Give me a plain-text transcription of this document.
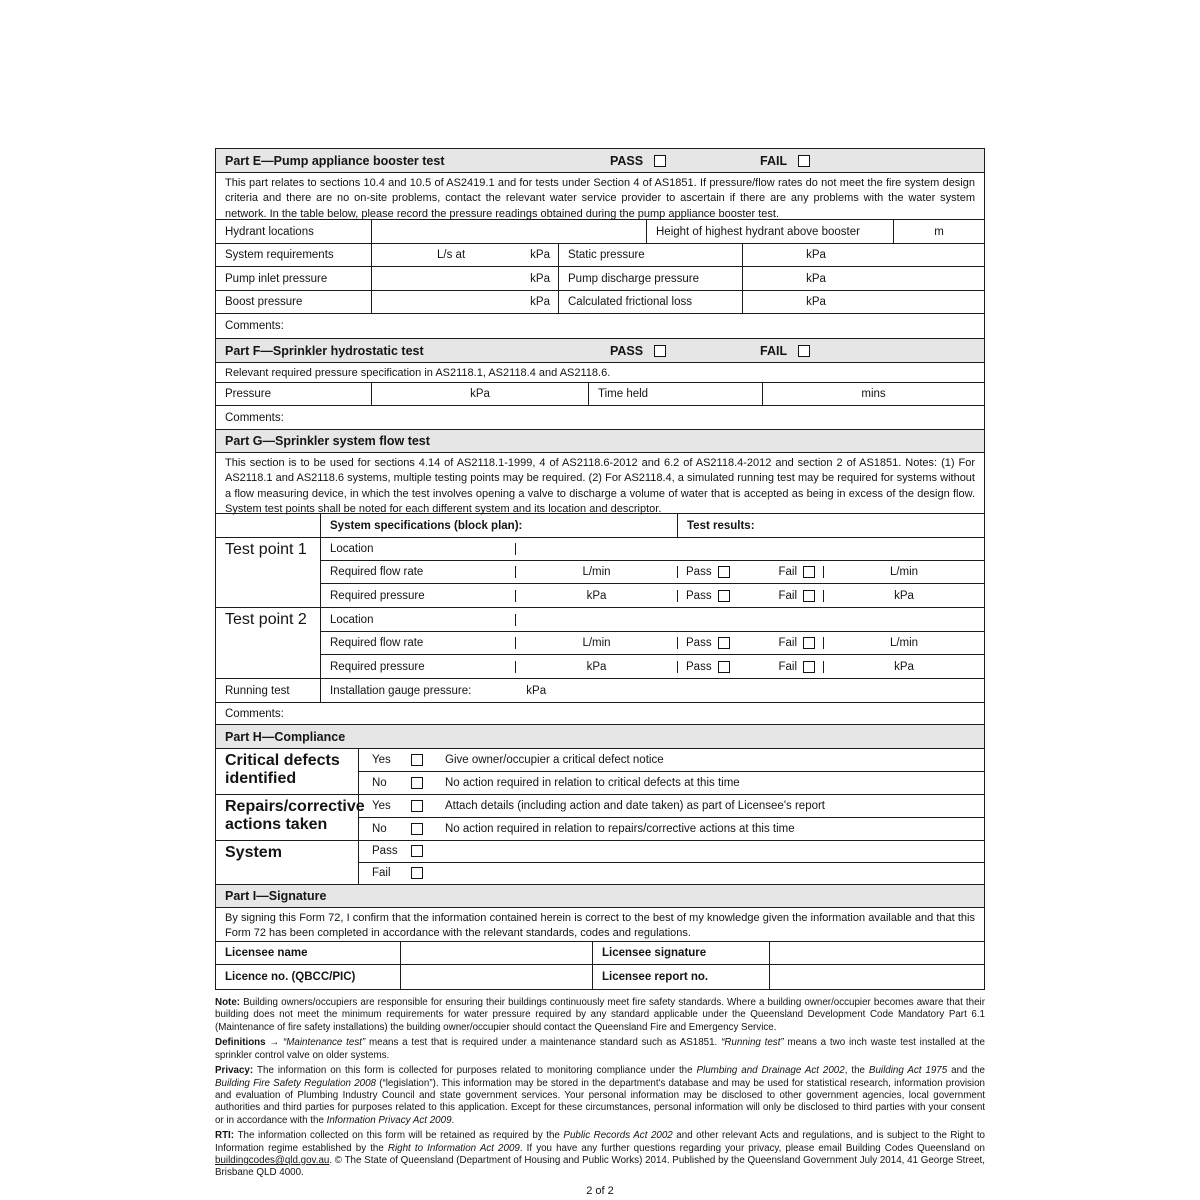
Part E—Pump appliance booster test	PASS	FAIL
This part relates to sections 10.4 and 10.5 of AS2419.1 and for tests under Section 4 of AS1851. If pressure/flow rates do not meet the fire system design criteria and there are no on-site problems, contact the relevant water service provider to ascertain if there are any problems with the water system network. In the table below, please record the pressure readings obtained during the pump appliance booster test.
Hydrant locations	Height of highest hydrant above booster	m
System requirements	L/s at	kPa	Static pressure	kPa
Pump inlet pressure	kPa	Pump discharge pressure	kPa
Boost pressure	kPa	Calculated frictional loss	kPa
Comments:
Part F—Sprinkler hydrostatic test	PASS	FAIL
Relevant required pressure specification in AS2118.1, AS2118.4 and AS2118.6.
Pressure	kPa	Time held	mins
Comments:
Part G—Sprinkler system flow test
This section is to be used for sections 4.14 of AS2118.1-1999, 4 of AS2118.6-2012 and 6.2 of AS2118.4-2012 and section 2 of AS1851. Notes: (1) For AS2118.1 and AS2118.6 systems, multiple testing points may be required. (2) For AS2118.4, a simulated running test may be required for systems without a flow measuring device, in which the test involves opening a valve to discharge a volume of water that is accepted as being in excess of the design flow. System test points shall be noted for each different system and its location and descriptor.
System specifications (block plan):	Test results:
Test point 1	Location
Required flow rate	L/min	Pass	Fail	L/min
Required pressure	kPa	Pass	Fail	kPa
Test point 2	Location
Required flow rate	L/min	Pass	Fail	L/min
Required pressure	kPa	Pass	Fail	kPa
Running test	Installation gauge pressure:	kPa
Comments:
Part H—Compliance
Critical defects identified
Yes	Give owner/occupier a critical defect notice
No	No action required in relation to critical defects at this time
Repairs/corrective actions taken
Yes	Attach details (including action and date taken) as part of Licensee's report
No	No action required in relation to repairs/corrective actions at this time
System	Pass
Fail
Part I—Signature
By signing this Form 72, I confirm that the information contained herein is correct to the best of my knowledge given the information available and that this Form 72 has been completed in accordance with the relevant standards, codes and regulations.
Licensee name	Licensee signature
Licence no. (QBCC/PIC)	Licensee report no.

Note: Building owners/occupiers are responsible for ensuring their buildings continuously meet fire safety standards. Where a building owner/occupier becomes aware that their building does not meet the minimum requirements for water pressure required by any standard applicable under the Queensland Development Code Mandatory Part 6.1 (Maintenance of fire safety installations) the building owner/occupier should contact the Queensland Fire and Emergency Service.

Definitions → “Maintenance test” means a test that is required under a maintenance standard such as AS1851. “Running test” means a two inch waste test installed at the sprinkler control valve on older systems.

Privacy: The information on this form is collected for purposes related to monitoring compliance under the Plumbing and Drainage Act 2002, the Building Act 1975 and the Building Fire Safety Regulation 2008 (“legislation”). This information may be stored in the department's database and may be used for statistical research, information provision and evaluation of Plumbing Industry Council and state government services. Your personal information may be disclosed to other government agencies, local government authorities and third parties for purposes related to this application. Except for these circumstances, personal information will only be disclosed to third parties with your consent or in accordance with the Information Privacy Act 2009.

RTI: The information collected on this form will be retained as required by the Public Records Act 2002 and other relevant Acts and regulations, and is subject to the Right to Information regime established by the Right to Information Act 2009. If you have any further questions regarding your privacy, please email Building Codes Queensland on buildingcodes@qld.gov.au. © The State of Queensland (Department of Housing and Public Works) 2014. Published by the Queensland Government July 2014, 41 George Street, Brisbane QLD 4000.

2 of 2
